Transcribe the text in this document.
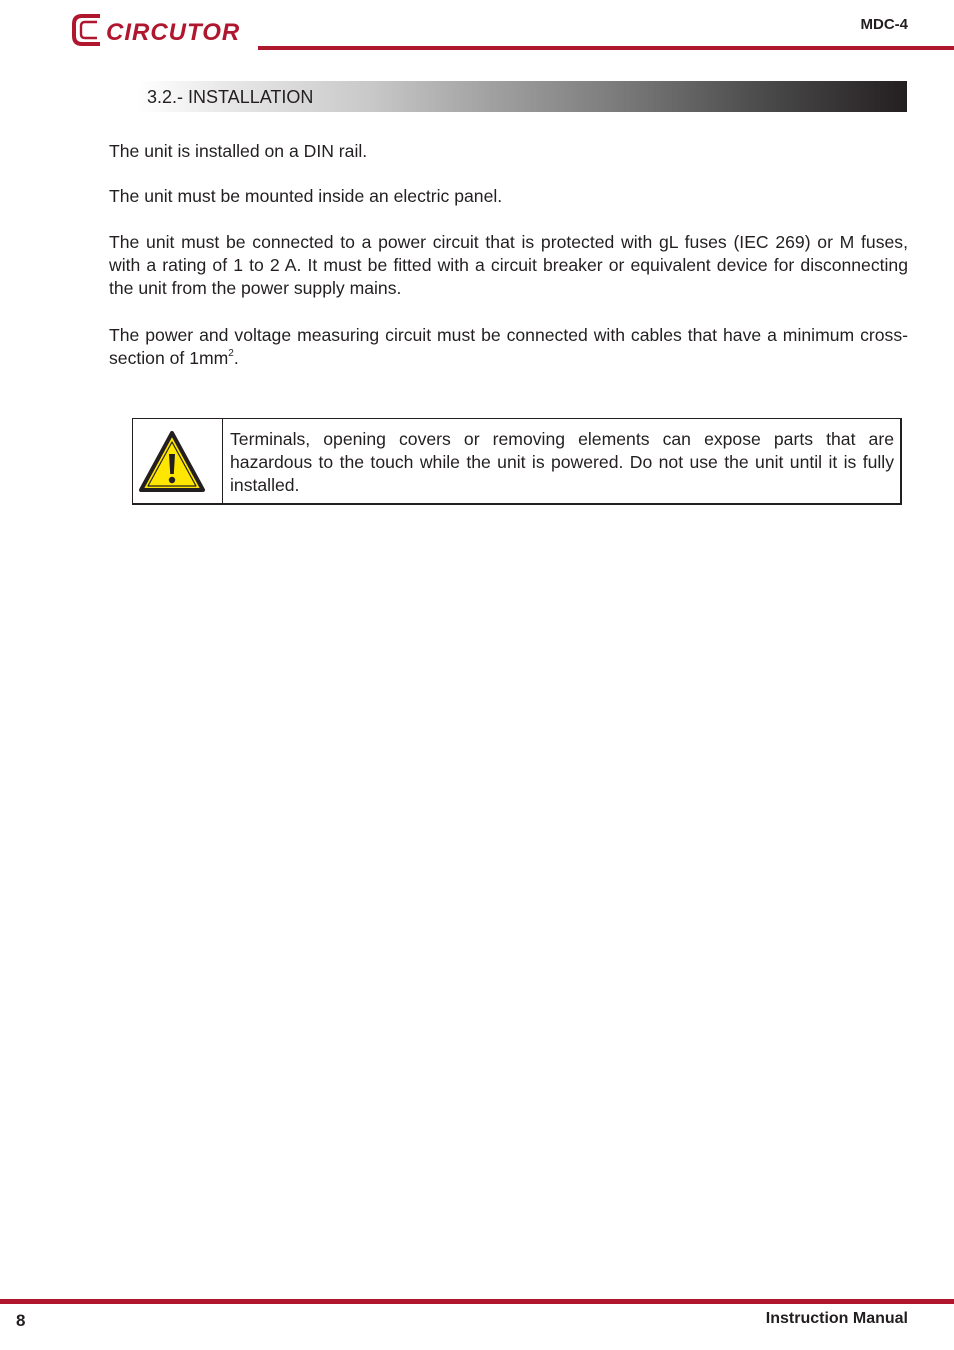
CIRCUTOR	MDC-4
3.2.- INSTALLATION

The unit is installed on a DIN rail.

The unit must be mounted inside an electric panel.

The unit must be connected to a power circuit that is protected with gL fuses (IEC 269) or M fuses, with a rating of 1 to 2 A. It must be fitted with a circuit breaker or equivalent device for disconnecting the unit from the power supply mains.

The power and voltage measuring circuit must be connected with cables that have a minimum cross-section of $1mm^2$.

Terminals, opening covers or removing elements can expose parts that are hazardous to the touch while the unit is powered. Do not use the unit until it is fully installed.

8	Instruction Manual
